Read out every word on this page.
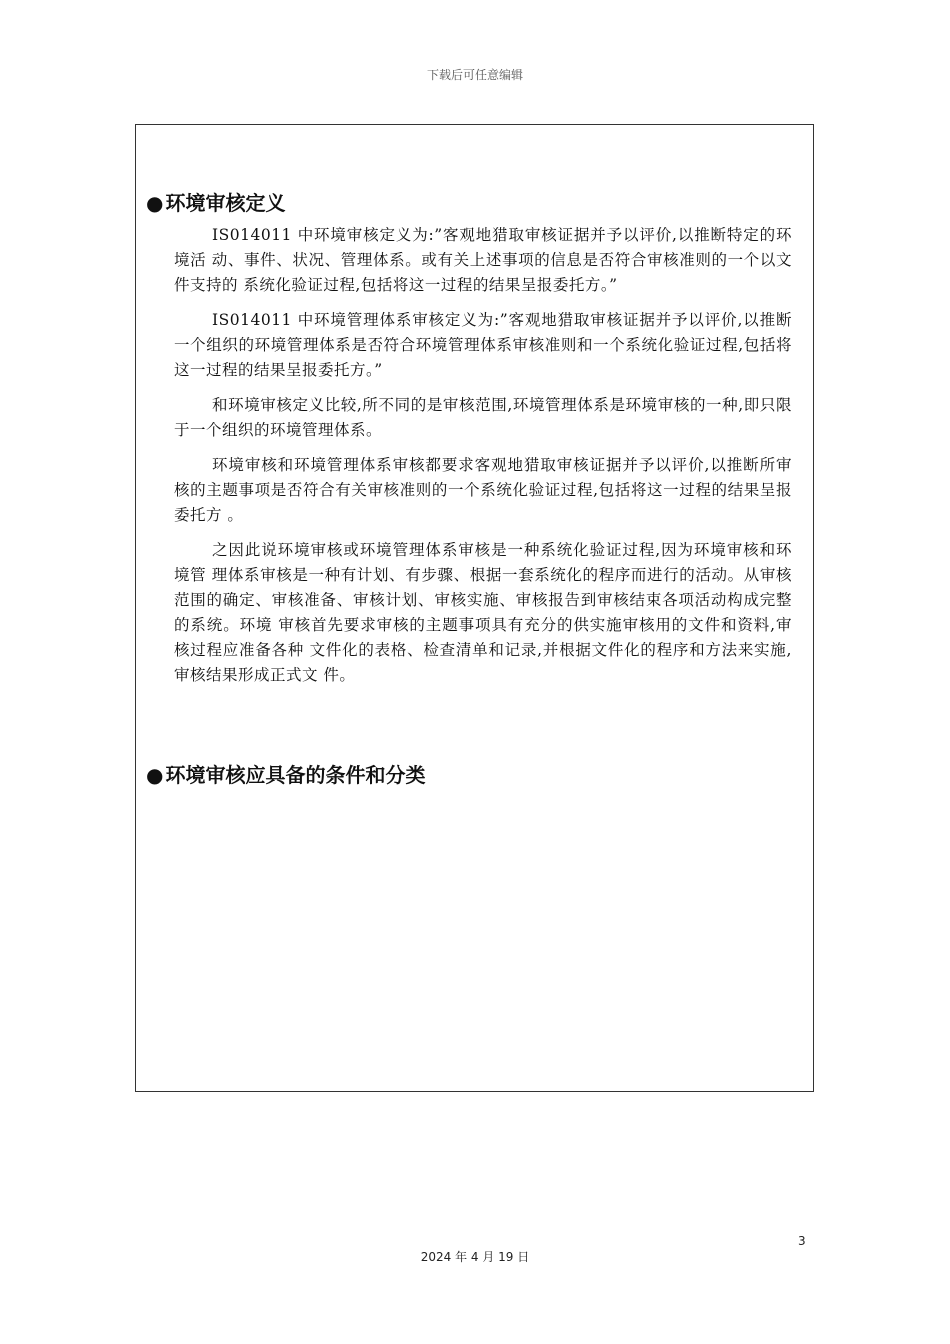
下载后可任意编辑
● 环境审核定义

IS014011 中环境审核定义为:”客观地猎取审核证据并予以评价,以推断特定的环境活 动、事件、状况、管理体系。或有关上述事项的信息是否符合审核准则的一个以文件支持的 系统化验证过程,包括将这一过程的结果呈报委托方。”

IS014011 中环境管理体系审核定义为:”客观地猎取审核证据并予以评价,以推断 一个组织的环境管理体系是否符合环境管理体系审核准则和一个系统化验证过程,包括将这一过程的结果呈报委托方。”

和环境审核定义比较,所不同的是审核范围,环境管理体系是环境审核的一种,即只限于一个组织的环境管理体系。

环境审核和环境管理体系审核都要求客观地猎取审核证据并予以评价,以推断所审核的主题事项是否符合有关审核准则的一个系统化验证过程,包括将这一过程的结果呈报委托方 。

之因此说环境审核或环境管理体系审核是一种系统化验证过程,因为环境审核和环境管 理体系审核是一种有计划、有步骤、根据一套系统化的程序而进行的活动。从审核范围的确定、审核准备、审核计划、审核实施、审核报告到审核结束各项活动构成完整的系统。环境 审核首先要求审核的主题事项具有充分的供实施审核用的文件和资料,审核过程应准备各种 文件化的表格、检查清单和记录,并根据文件化的程序和方法来实施,审核结果形成正式文 件。

● 环境审核应具备的条件和分类
3
2024 年 4 月 19 日
